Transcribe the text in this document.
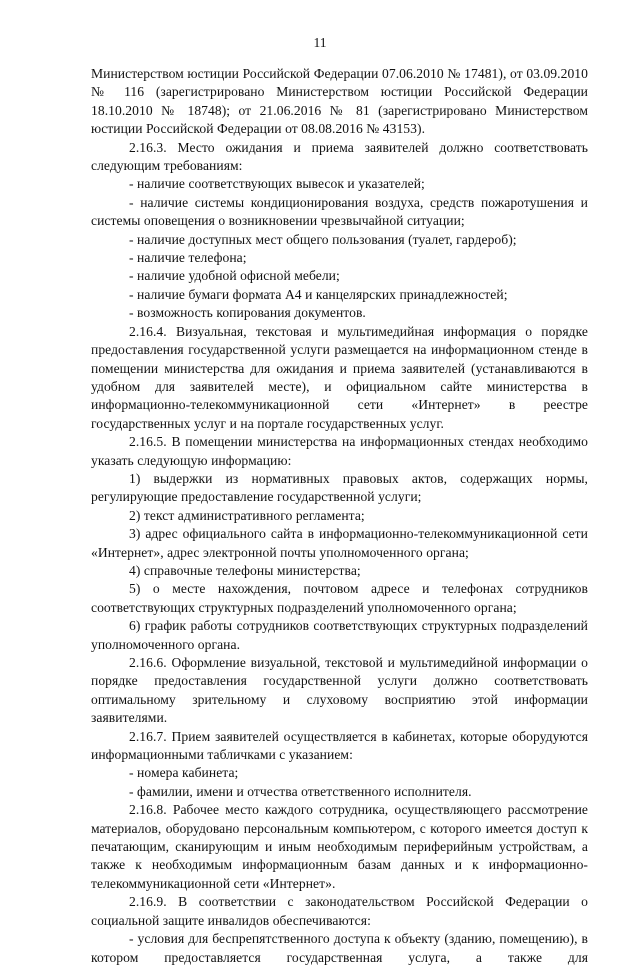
11

Министерством юстиции Российской Федерации 07.06.2010 № 17481), от 03.09.2010 № 116 (зарегистрировано Министерством юстиции Российской Федерации 18.10.2010 № 18748); от 21.06.2016 № 81 (зарегистрировано Министерством юстиции Российской Федерации от 08.08.2016 № 43153).

2.16.3. Место ожидания и приема заявителей должно соответствовать следующим требованиям:

- наличие соответствующих вывесок и указателей;

- наличие системы кондиционирования воздуха, средств пожаротушения и системы оповещения о возникновении чрезвычайной ситуации;

- наличие доступных мест общего пользования (туалет, гардероб);

- наличие телефона;

- наличие удобной офисной мебели;

- наличие бумаги формата А4 и канцелярских принадлежностей;

- возможность копирования документов.

2.16.4. Визуальная, текстовая и мультимедийная информация о порядке предоставления государственной услуги размещается на информационном стенде в помещении министерства для ожидания и приема заявителей (устанавливаются в удобном для заявителей месте), и официальном сайте министерства в информационно-телекоммуникационной сети «Интернет» в реестре государственных услуг и на портале государственных услуг.

2.16.5. В помещении министерства на информационных стендах необходимо указать следующую информацию:

1) выдержки из нормативных правовых актов, содержащих нормы, регулирующие предоставление государственной услуги;

2) текст административного регламента;

3) адрес официального сайта в информационно-телекоммуникационной сети «Интернет», адрес электронной почты уполномоченного органа;

4) справочные телефоны министерства;

5) о месте нахождения, почтовом адресе и телефонах сотрудников соответствующих структурных подразделений уполномоченного органа;

6) график работы сотрудников соответствующих структурных подразделений уполномоченного органа.

2.16.6. Оформление визуальной, текстовой и мультимедийной информации о порядке предоставления государственной услуги должно соответствовать оптимальному зрительному и слуховому восприятию этой информации заявителями.

2.16.7. Прием заявителей осуществляется в кабинетах, которые оборудуются информационными табличками с указанием:

- номера кабинета;

- фамилии, имени и отчества ответственного исполнителя.

2.16.8. Рабочее место каждого сотрудника, осуществляющего рассмотрение материалов, оборудовано персональным компьютером, с которого имеется доступ к печатающим, сканирующим и иным необходимым периферийным устройствам, а также к необходимым информационным базам данных и к информационно-телекоммуникационной сети «Интернет».

2.16.9. В соответствии с законодательством Российской Федерации о социальной защите инвалидов обеспечиваются:

- условия для беспрепятственного доступа к объекту (зданию, помещению), в котором предоставляется государственная услуга, а также для
